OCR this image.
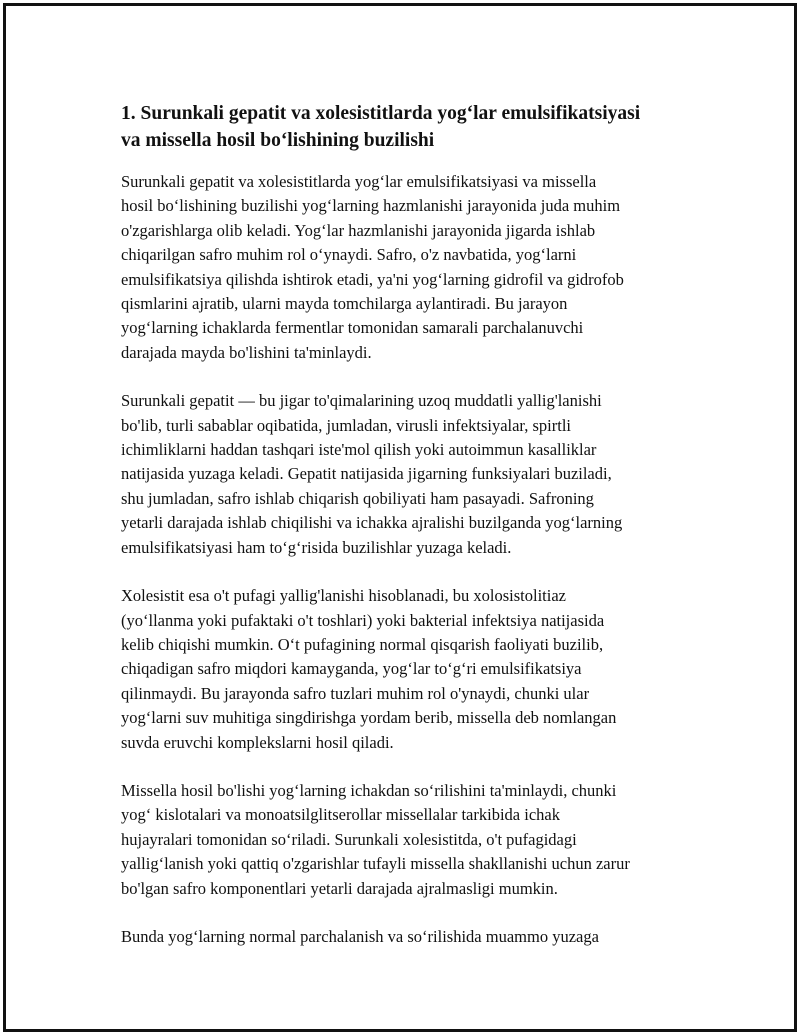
1. Surunkali gepatit va xolesistitlarda yog‘lar emulsifikatsiyasi
va missella hosil bo‘lishining buzilishi

Surunkali gepatit va xolesistitlarda yog‘lar emulsifikatsiyasi va missella
hosil bo‘lishining buzilishi yog‘larning hazmlanishi jarayonida juda muhim
o'zgarishlarga olib keladi. Yog‘lar hazmlanishi jarayonida jigarda ishlab
chiqarilgan safro muhim rol o‘ynaydi. Safro, o'z navbatida, yog‘larni
emulsifikatsiya qilishda ishtirok etadi, ya'ni yog‘larning gidrofil va gidrofob
qismlarini ajratib, ularni mayda tomchilarga aylantiradi. Bu jarayon
yog‘larning ichaklarda fermentlar tomonidan samarali parchalanuvchi
darajada mayda bo'lishini ta'minlaydi.

Surunkali gepatit — bu jigar to'qimalarining uzoq muddatli yallig'lanishi
bo'lib, turli sabablar oqibatida, jumladan, virusli infektsiyalar, spirtli
ichimliklarni haddan tashqari iste'mol qilish yoki autoimmun kasalliklar
natijasida yuzaga keladi. Gepatit natijasida jigarning funksiyalari buziladi,
shu jumladan, safro ishlab chiqarish qobiliyati ham pasayadi. Safroning
yetarli darajada ishlab chiqilishi va ichakka ajralishi buzilganda yog‘larning
emulsifikatsiyasi ham to‘g‘risida buzilishlar yuzaga keladi.

Xolesistit esa o't pufagi yallig'lanishi hisoblanadi, bu xolosistolitiaz
(yo‘llanma yoki pufaktaki o't toshlari) yoki bakterial infektsiya natijasida
kelib chiqishi mumkin. O‘t pufagining normal qisqarish faoliyati buzilib,
chiqadigan safro miqdori kamayganda, yog‘lar to‘g‘ri emulsifikatsiya
qilinmaydi. Bu jarayonda safro tuzlari muhim rol o'ynaydi, chunki ular
yog‘larni suv muhitiga singdirishga yordam berib, missella deb nomlangan
suvda eruvchi komplekslarni hosil qiladi.

Missella hosil bo'lishi yog‘larning ichakdan so‘rilishini ta'minlaydi, chunki
yog‘ kislotalari va monoatsilglitserollar missellalar tarkibida ichak
hujayralari tomonidan so‘riladi. Surunkali xolesistitda, o't pufagidagi
yallig‘lanish yoki qattiq o'zgarishlar tufayli missella shakllanishi uchun zarur
bo'lgan safro komponentlari yetarli darajada ajralmasligi mumkin.

Bunda yog‘larning normal parchalanish va so‘rilishida muammo yuzaga
